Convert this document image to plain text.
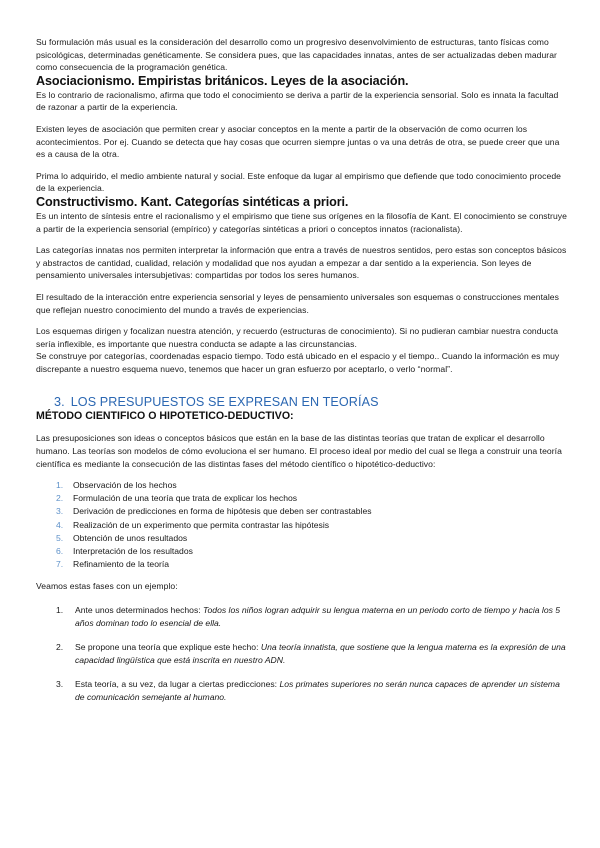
Su formulación más usual es la consideración del desarrollo como un progresivo desenvolvimiento de estructuras, tanto físicas como psicológicas, determinadas genéticamente. Se considera pues, que las capacidades innatas, antes de ser actualizadas deben madurar como consecuencia de la programación genética.

Asociacionismo. Empiristas británicos. Leyes de la asociación.

Es lo contrario de racionalismo, afirma que todo el conocimiento se deriva a partir de la experiencia sensorial. Solo es innata la facultad de razonar a partir de la experiencia.

Existen leyes de asociación que permiten crear y asociar conceptos en la mente a partir de la observación de como ocurren los acontecimientos. Por ej. Cuando se detecta que hay cosas que ocurren siempre juntas o va una detrás de otra, se puede creer que una es a causa de la otra.

Prima lo adquirido, el medio ambiente natural y social. Este enfoque da lugar al empirismo que defiende que todo conocimiento procede de la experiencia.

Constructivismo. Kant. Categorías sintéticas a priori.

Es un intento de síntesis entre el racionalismo y el empirismo que tiene sus orígenes en la filosofía de Kant. El conocimiento se construye a partir de la experiencia sensorial (empírico) y categorías sintéticas a priori o conceptos innatos (racionalista).

Las categorías innatas nos permiten interpretar la información que entra a través de nuestros sentidos, pero estas son conceptos básicos y abstractos de cantidad, cualidad, relación y modalidad que nos ayudan a empezar a dar sentido a la experiencia. Son leyes de pensamiento universales intersubjetivas: compartidas por todos los seres humanos.

El resultado de la interacción entre experiencia sensorial y leyes de pensamiento universales son esquemas o construcciones mentales que reflejan nuestro conocimiento del mundo a través de experiencias.

Los esquemas dirigen y focalizan nuestra atención, y recuerdo (estructuras de conocimiento). Si no pudieran cambiar nuestra conducta sería inflexible, es importante que nuestra conducta se adapte a las circunstancias.

Se construye por categorías, coordenadas espacio tiempo. Todo está ubicado en el espacio y el tiempo.. Cuando la información es muy discrepante a nuestro esquema nuevo, tenemos que hacer un gran esfuerzo por aceptarlo, o verlo “normal”.

3. LOS PRESUPUESTOS SE EXPRESAN EN TEORÍAS
MÉTODO CIENTIFICO O HIPOTETICO-DEDUCTIVO:

Las presuposiciones son ideas o conceptos básicos que están en la base de las distintas teorías que tratan de explicar el desarrollo humano. Las teorías son modelos de cómo evoluciona el ser humano. El proceso ideal por medio del cual se llega a construir una teoría científica es mediante la consecución de las distintas fases del método científico o hipotético-deductivo:

1. Observación de los hechos
2. Formulación de una teoría que trata de explicar los hechos
3. Derivación de predicciones en forma de hipótesis que deben ser contrastables
4. Realización de un experimento que permita contrastar las hipótesis
5. Obtención de unos resultados
6. Interpretación de los resultados
7. Refinamiento de la teoría

Veamos estas fases con un ejemplo:

1. Ante unos determinados hechos: Todos los niños logran adquirir su lengua materna en un periodo corto de tiempo y hacia los 5 años dominan todo lo esencial de ella.
2. Se propone una teoría que explique este hecho: Una teoría innatista, que sostiene que la lengua materna es la expresión de una capacidad lingüística que está inscrita en nuestro ADN.
3. Esta teoría, a su vez, da lugar a ciertas predicciones: Los primates superiores no serán nunca capaces de aprender un sistema de comunicación semejante al humano.
